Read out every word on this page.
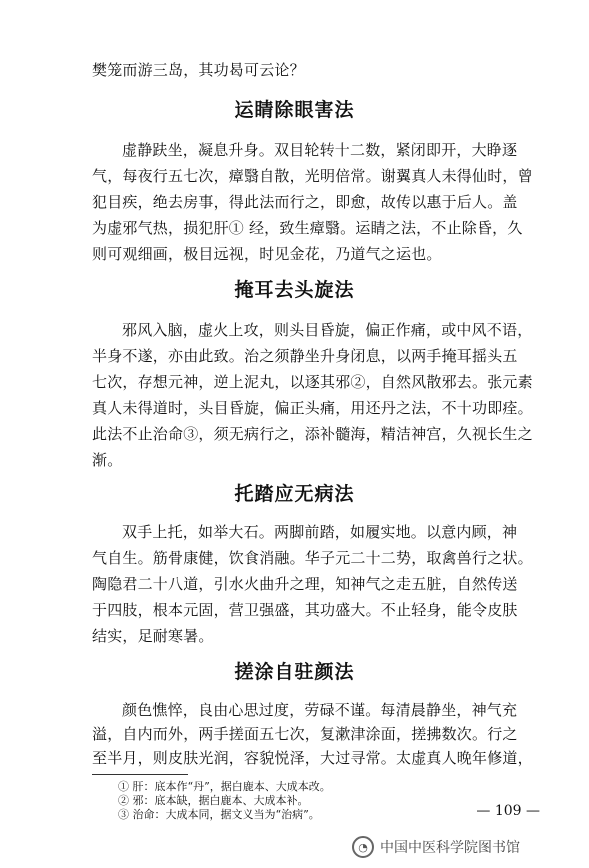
樊笼而游三岛，其功曷可云论？
运睛除眼害法
虚静趺坐，凝息升身。双目轮转十二数，紧闭即开，大睁逐
气，每夜行五七次，瘴翳自散，光明倍常。谢翼真人未得仙时，曾
犯目疾，绝去房事，得此法而行之，即愈，故传以惠于后人。盖
为虚邪气热，损犯肝① 经，致生瘴翳。运睛之法，不止除昏，久
则可观细画，极目远视，时见金花，乃道气之运也。
掩耳去头旋法
邪风入脑，虚火上攻，则头目昏旋，偏正作痛，或中风不语，
半身不遂，亦由此致。治之须静坐升身闭息，以两手掩耳摇头五
七次，存想元神，逆上泥丸，以逐其邪②，自然风散邪去。张元素
真人未得道时，头目昏旋，偏正头痛，用还丹之法，不十功即痊。
此法不止治命③，须无病行之，添补髓海，精洁神宫，久视长生之
渐。
托踏应无病法
双手上托，如举大石。两脚前踏，如履实地。以意内顾，神
气自生。筋骨康健，饮食消融。华子元二十二势，取禽兽行之状。
陶隐君二十八道，引水火曲升之理，知神气之走五脏，自然传送
于四肢，根本元固，营卫强盛，其功盛大。不止轻身，能令皮肤
结实，足耐寒暑。
搓涂自驻颜法
颜色憔悴，良由心思过度，劳碌不谨。每清晨静坐，神气充
溢，自内而外，两手搓面五七次，复漱津涂面，搓拂数次。行之
至半月，则皮肤光润，容貌悦泽，大过寻常。太虚真人晚年修道，
① 肝：底本作“丹”，据白鹿本、大成本改。
② 邪：底本缺，据白鹿本、大成本补。
③ 治命：大成本同，据文义当为“治病”。	— 109 —
◔ 中国中医科学院图书馆
